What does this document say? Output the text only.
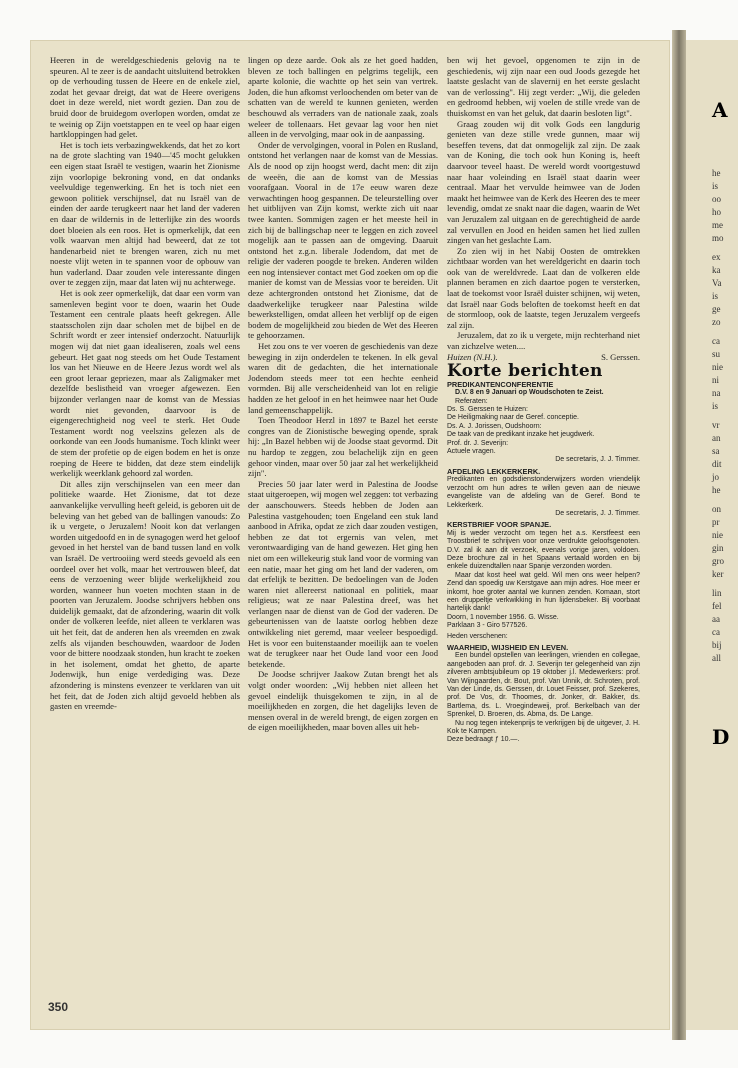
A
D
he
is
oo
ho
me
mo
ex
ka
Va
is
ge
zo
ca
su
nie
ni
na
is
vr
an
sa
dit
jo
he
on
pr
nie
gin
gro
ker
lin
fel
aa
ca
bij
all

Heeren in de wereldgeschiedenis gelovig na te speuren. Al te zeer is de aandacht uitsluitend betrokken op de verhouding tussen de Heere en de enkele ziel, zodat het gevaar dreigt, dat wat de Heere overigens doet in deze wereld, niet wordt gezien. Dan zou de bruid door de bruidegom overlopen worden, omdat ze te weinig op Zijn voetstappen en te veel op haar eigen hartkloppingen had gelet.

Het is toch iets verbazingwekkends, dat het zo kort na de grote slachting van 1940—'45 mocht gelukken een eigen staat Israël te vestigen, waarin het Zionisme zijn voorlopige bekroning vond, en dat ondanks veelvuldige tegenwerking. En het is toch niet een gewoon politiek verschijnsel, dat nu Israël van de einden der aarde terugkeert naar het land der vaderen en daar de wildernis in de letterlijke zin des woords doet bloeien als een roos. Het is opmerkelijk, dat een volk waarvan men altijd had beweerd, dat ze tot handenarbeid niet te brengen waren, zich nu met noeste vlijt weten in te spannen voor de opbouw van hun vaderland. Daar zouden vele interessante dingen over te zeggen zijn, maar dat laten wij nu achterwege.

Het is ook zeer opmerkelijk, dat daar een vorm van samenleven begint voor te doen, waarin het Oude Testament een centrale plaats heeft gekregen. Alle staatsscholen zijn daar scholen met de bijbel en de Schrift wordt er zeer intensief onderzocht. Natuurlijk mogen wij dat niet gaan idealiseren, zoals wel eens gebeurt. Het gaat nog steeds om het Oude Testament los van het Nieuwe en de Heere Jezus wordt wel als een groot leraar gepriezen, maar als Zaligmaker met dezelfde beslistheid van vroeger afgewezen. Een bijzonder verlangen naar de komst van de Messias wordt niet gevonden, daarvoor is de eigengerechtigheid nog veel te sterk. Het Oude Testament wordt nog veelszins gelezen als de oorkonde van een Joods humanisme. Toch klinkt weer de stem der profetie op de eigen bodem en het is onze roeping de Heere te bidden, dat deze stem eindelijk werkelijk weerklank gehoord zal worden.

Dit alles zijn verschijnselen van een meer dan politieke waarde. Het Zionisme, dat tot deze aanvankelijke vervulling heeft geleid, is geboren uit de beleving van het gebed van de ballingen vanouds: Zo ik u vergete, o Jeruzalem! Nooit kon dat verlangen worden uitgedoofd en in de synagogen werd het geloof gevoed in het herstel van de band tussen land en volk van Israël. De vertrooiing werd steeds gevoeld als een oordeel over het volk, maar het vertrouwen bleef, dat eens de verzoening weer blijde werkelijkheid zou worden, wanneer hun voeten mochten staan in de poorten van Jeruzalem. Joodse schrijvers hebben ons duidelijk gemaakt, dat de afzondering, waarin dit volk onder de volkeren leefde, niet alleen te verklaren was uit het feit, dat de anderen hen als vreemden en zwak zelfs als vijanden beschouwden, waardoor de Joden voor de bittere noodzaak stonden, hun kracht te zoeken in het isolement, omdat het ghetto, de aparte Jodenwijk, hun enige verdediging was. Deze afzondering is minstens evenzeer te verklaren van uit het feit, dat de Joden zich altijd gevoeld hebben als gasten en vreemde-

lingen op deze aarde. Ook als ze het goed hadden, bleven ze toch ballingen en pelgrims tegelijk, een aparte kolonie, die wachtte op het sein van vertrek. Joden, die hun afkomst verloochenden om beter van de schatten van de wereld te kunnen genieten, werden beschouwd als verraders van de nationale zaak, zoals weleer de tollenaars. Het gevaar lag voor hen niet alleen in de vervolging, maar ook in de aanpassing.

Onder de vervolgingen, vooral in Polen en Rusland, ontstond het verlangen naar de komst van de Messias. Als de nood op zijn hoogst werd, dacht men: dit zijn de weeën, die aan de komst van de Messias voorafgaan. Vooral in de 17e eeuw waren deze verwachtingen hoog gespannen. De teleurstelling over het uitblijven van Zijn komst, werkte zich uit naar twee kanten. Sommigen zagen er het meeste heil in zich bij de ballingschap neer te leggen en zich zoveel mogelijk aan te passen aan de omgeving. Daaruit ontstond het z.g.n. liberale Jodendom, dat met de religie der vaderen poogde te breken. Anderen wilden een nog intensiever contact met God zoeken om op die manier de komst van de Messias voor te bereiden. Uit deze achtergronden ontstond het Zionisme, dat de daadwerkelijke terugkeer naar Palestina wilde bewerkstelligen, omdat alleen het verblijf op de eigen bodem de mogelijkheid zou bieden de Wet des Heeren te gehoorzamen.

Het zou ons te ver voeren de geschiedenis van deze beweging in zijn onderdelen te tekenen. In elk geval waren dit de gedachten, die het internationale Jodendom steeds meer tot een hechte eenheid vormden. Bij alle verscheidenheid van lot en religie hadden ze het geloof in en het heimwee naar het Oude land gemeenschappelijk.

Toen Theodoor Herzl in 1897 te Bazel het eerste congres van de Zionistische beweging opende, sprak hij: „In Bazel hebben wij de Joodse staat gevormd. Dit nu hardop te zeggen, zou belachelijk zijn en geen gehoor vinden, maar over 50 jaar zal het werkelijkheid zijn".

Precies 50 jaar later werd in Palestina de Joodse staat uitgeroepen, wij mogen wel zeggen: tot verbazing der aanschouwers. Steeds hebben de Joden aan Palestina vastgehouden; toen Engeland een stuk land aanbood in Afrika, opdat ze zich daar zouden vestigen, hebben ze dat tot ergernis van velen, met verontwaardiging van de hand gewezen. Het ging hen niet om een willekeurig stuk land voor de vorming van een natie, maar het ging om het land der vaderen, om dat erfelijk te bezitten. De bedoelingen van de Joden waren niet allereerst nationaal en politiek, maar religieus; wat ze naar Palestina dreef, was het verlangen naar de dienst van de God der vaderen. De gebeurtenissen van de laatste oorlog hebben deze ontwikkeling niet geremd, maar veeleer bespoedigd. Het is voor een buitenstaander moeilijk aan te voelen wat de terugkeer naar het Oude land voor een Jood betekende.

De Joodse schrijver Jaakow Zutan brengt het als volgt onder woorden: „Wij hebben niet alleen het gevoel eindelijk thuisgekomen te zijn, in al de moeilijkheden en zorgen, die het dagelijks leven de mensen overal in de wereld brengt, de eigen zorgen en de eigen moeilijkheden, maar boven alles uit heb-

ben wij het gevoel, opgenomen te zijn in de geschiedenis, wij zijn naar een oud Joods gezegde het laatste geslacht van de slavernij en het eerste geslacht van de verlossing". Hij zegt verder: „Wij, die geleden en gedroomd hebben, wij voelen de stille vrede van de thuiskomst en van het geluk, dat daarin besloten ligt".

Graag zouden wij dit volk Gods een langdurig genieten van deze stille vrede gunnen, maar wij beseffen tevens, dat dat onmogelijk zal zijn. De zaak van de Koning, die toch ook hun Koning is, heeft daarvoor teveel haast. De wereld wordt voortgestuwd naar haar voleinding en Israël staat daarin weer centraal. Maar het vervulde heimwee van de Joden maakt het heimwee van de Kerk des Heeren des te meer levendig, omdat ze snakt naar die dagen, waarin de Wet van Jeruzalem zal uitgaan en de gerechtigheid de aarde zal vervullen en Jood en heiden samen het lied zullen zingen van het geslachte Lam.

Zo zien wij in het Nabij Oosten de omtrekken zichtbaar worden van het wereldgericht en daarin toch ook van de wereldvrede. Laat dan de volkeren elde plannen beramen en zich daartoe pogen te versterken, laat de toekomst voor Israël duister schijnen, wij weten, dat Israël naar Gods beloften de toekomst heeft en dat de stormloop, ook de laatste, tegen Jeruzalem vergeefs zal zijn.

Jeruzalem, dat zo ik u vergete, mijn rechterhand niet van zichzelve weten....

Huizen (N.H.).	S. Gerssen.
Korte berichten
PREDIKANTENCONFERENTIE
D.V. 8 en 9 Januari op Woudschoten te Zeist.
Referaten:
Ds. S. Gerssen te Huizen:
De Heiligmaking naar de Geref. conceptie.
Ds. A. J. Jorissen, Oudshoorn:
De taak van de predikant inzake het jeugdwerk.
Prof. dr. J. Severijn:
Actuele vragen.
De secretaris, J. J. Timmer.
AFDELING LEKKERKERK.
Predikanten en godsdienstonderwijzers worden vriendelijk verzocht om hun adres te willen geven aan de nieuwe evangeliste van de afdeling van de Geref. Bond te Lekkerkerk.
De secretaris, J. J. Timmer.
KERSTBRIEF VOOR SPANJE.
Mij is weder verzocht om tegen het a.s. Kerstfeest een Troostbrief te schrijven voor onze verdrukte geloofsgenoten. D.V. zal ik aan dit verzoek, evenals vorige jaren, voldoen. Deze brochure zal in het Spaans vertaald worden en bij enkele duizendtallen naar Spanje verzonden worden.
Maar dat kost heel wat geld. Wil men ons weer helpen? Zend dan spoedig uw Kerstgave aan mijn adres. Hoe meer er inkomt, hoe groter aantal we kunnen zenden. Komaan, stort een druppeltje verkwikking in hun lijdensbeker. Bij voorbaat hartelijk dank!
Doorn, 1 november 1956. G. Wisse.
Parklaan 3 - Giro 577526.
Heden verschenen:
WAARHEID, WIJSHEID EN LEVEN.
Een bundel opstellen van leerlingen, vrienden en collegae, aangeboden aan prof. dr. J. Severijn ter gelegenheid van zijn zilveren ambtsjubileum op 19 oktober j.l. Medewerkers: prof. Van Wijngaarden, dr. Bout, prof. Van Unnik, dr. Schroten, prof. Van der Linde, ds. Gerssen, dr. Louet Feisser, prof. Szekeres, prof. De Vos, dr. Thoomes, dr. Jonker, dr. Bakker, ds. Bartlema, ds. L. Vroegindeweij, prof. Berkelbach van der Sprenkel, D. Broeren, ds. Abma, ds. De Lange.
Nu nog tegen intekenprijs te verkrijgen bij de uitgever, J. H. Kok te Kampen.
Deze bedraagt ƒ 10.—.
350
